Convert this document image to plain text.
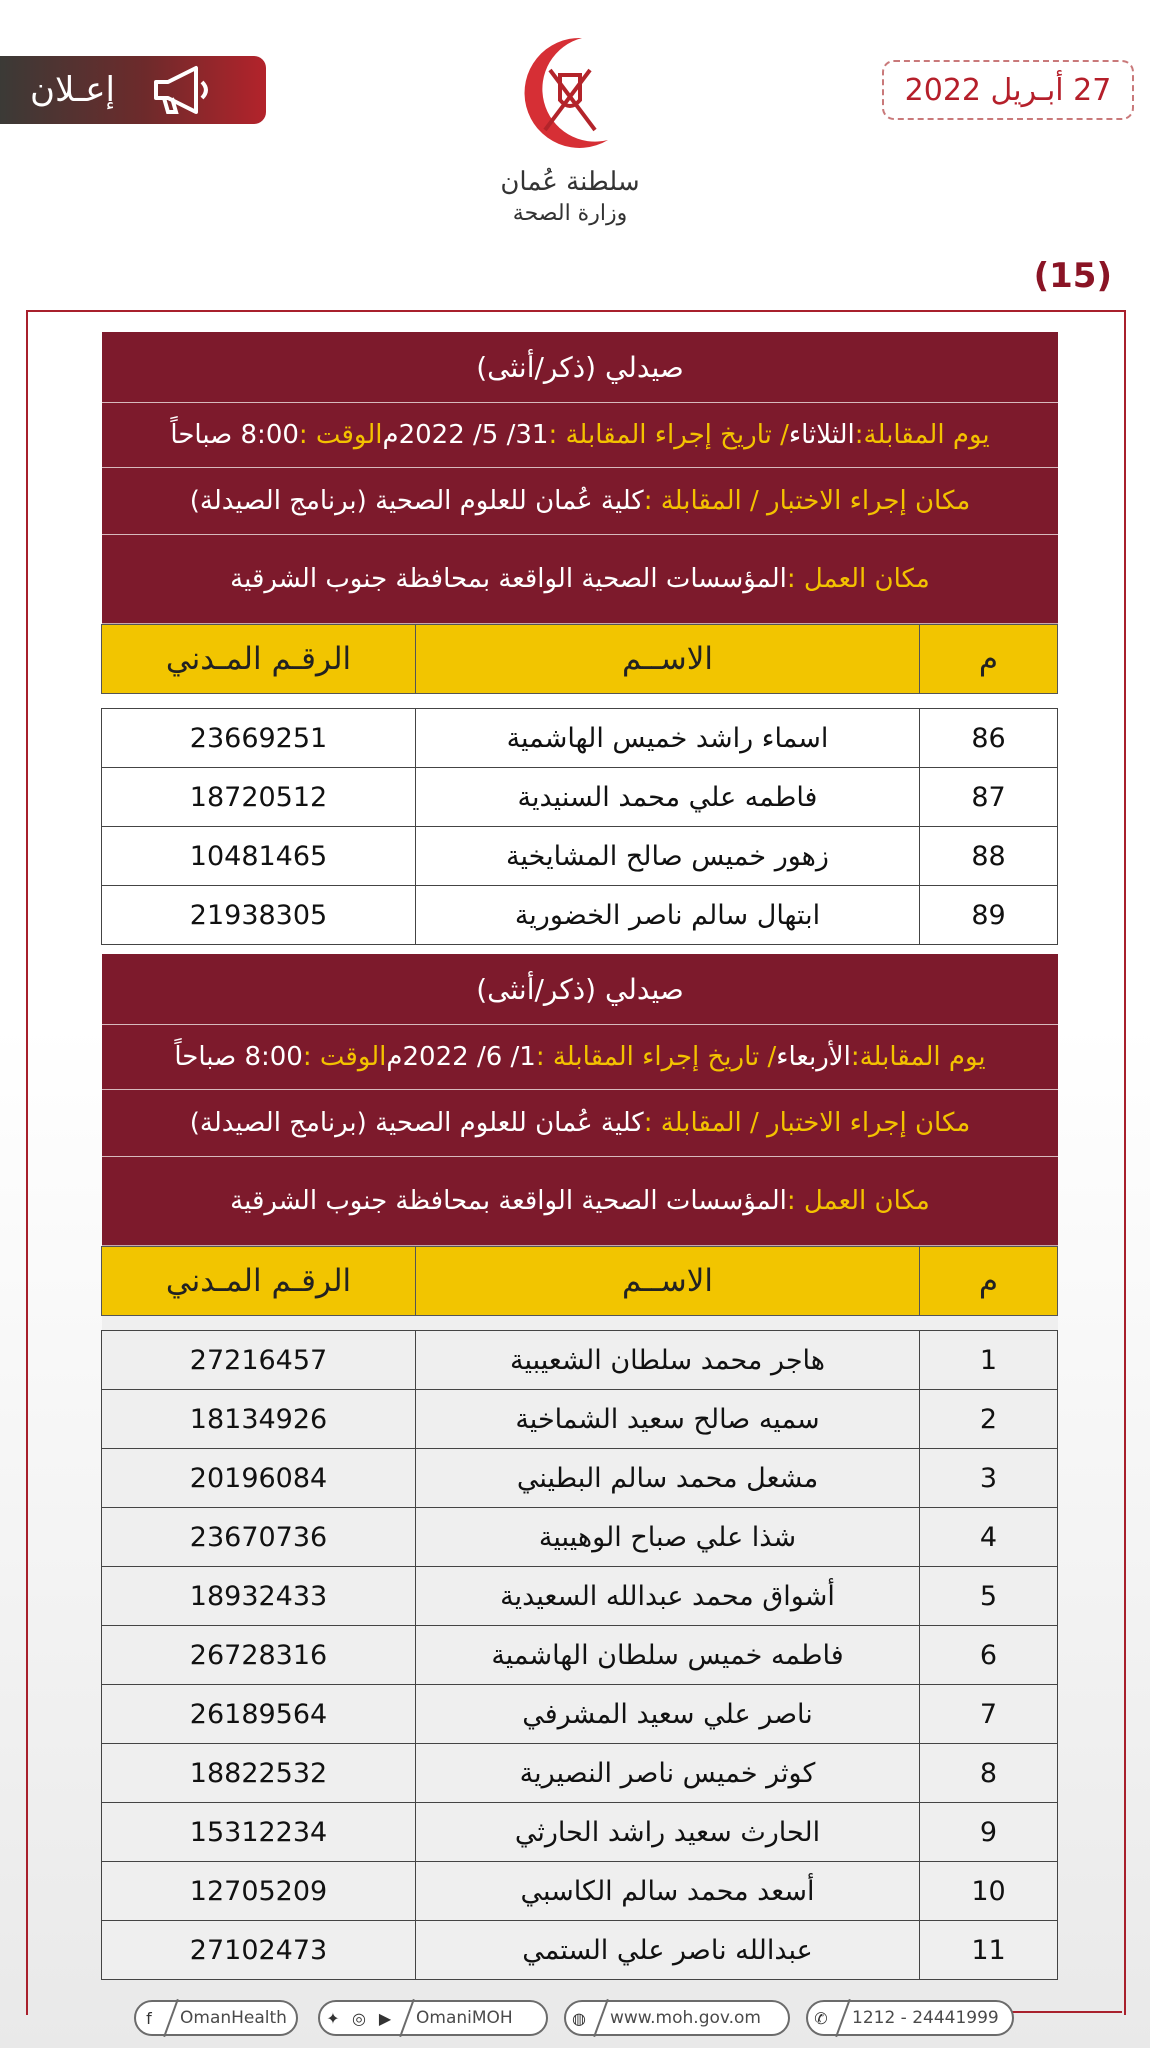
إعـلان
سلطنة عُمان
وزارة الصحة
27 أبـريل 2022
(15)
صيدلي (ذكر/أنثى)
يوم المقابلة:
الثلاثاء
/ تاريخ إجراء المقابلة :
31/ 5/ 2022م
الوقت :
8:00 صباحاً
مكان إجراء الاختبار / المقابلة :
كلية عُمان للعلوم الصحية (برنامج الصيدلة)
مكان العمل :
المؤسسات الصحية الواقعة بمحافظة جنوب الشرقية
م	الاســم	الرقـم المـدني

86	اسماء راشد خميس الهاشمية	23669251
87	فاطمه علي محمد السنيدية	18720512
88	زهور خميس صالح المشايخية	10481465
89	ابتهال سالم ناصر الخضورية	21938305
صيدلي (ذكر/أنثى)
يوم المقابلة:
الأربعاء
/ تاريخ إجراء المقابلة :
1/ 6/ 2022م
الوقت :
8:00 صباحاً
مكان إجراء الاختبار / المقابلة :
كلية عُمان للعلوم الصحية (برنامج الصيدلة)
مكان العمل :
المؤسسات الصحية الواقعة بمحافظة جنوب الشرقية
م	الاســم	الرقـم المـدني

1	هاجر محمد سلطان الشعيبية	27216457
2	سميه صالح سعيد الشماخية	18134926
3	مشعل محمد سالم البطيني	20196084
4	شذا علي صباح الوهيبية	23670736
5	أشواق محمد عبدالله السعيدية	18932433
6	فاطمه خميس سلطان الهاشمية	26728316
7	ناصر علي سعيد المشرفي	26189564
8	كوثر خميس ناصر النصيرية	18822532
9	الحارث سعيد راشد الحارثي	15312234
10	أسعد محمد سالم الكاسبي	12705209
11	عبدالله ناصر علي الستمي	27102473
f	OmanHealth	✦ ◎ ▶	OmaniMOH	◍	www.moh.gov.om	✆	1212 - 24441999
